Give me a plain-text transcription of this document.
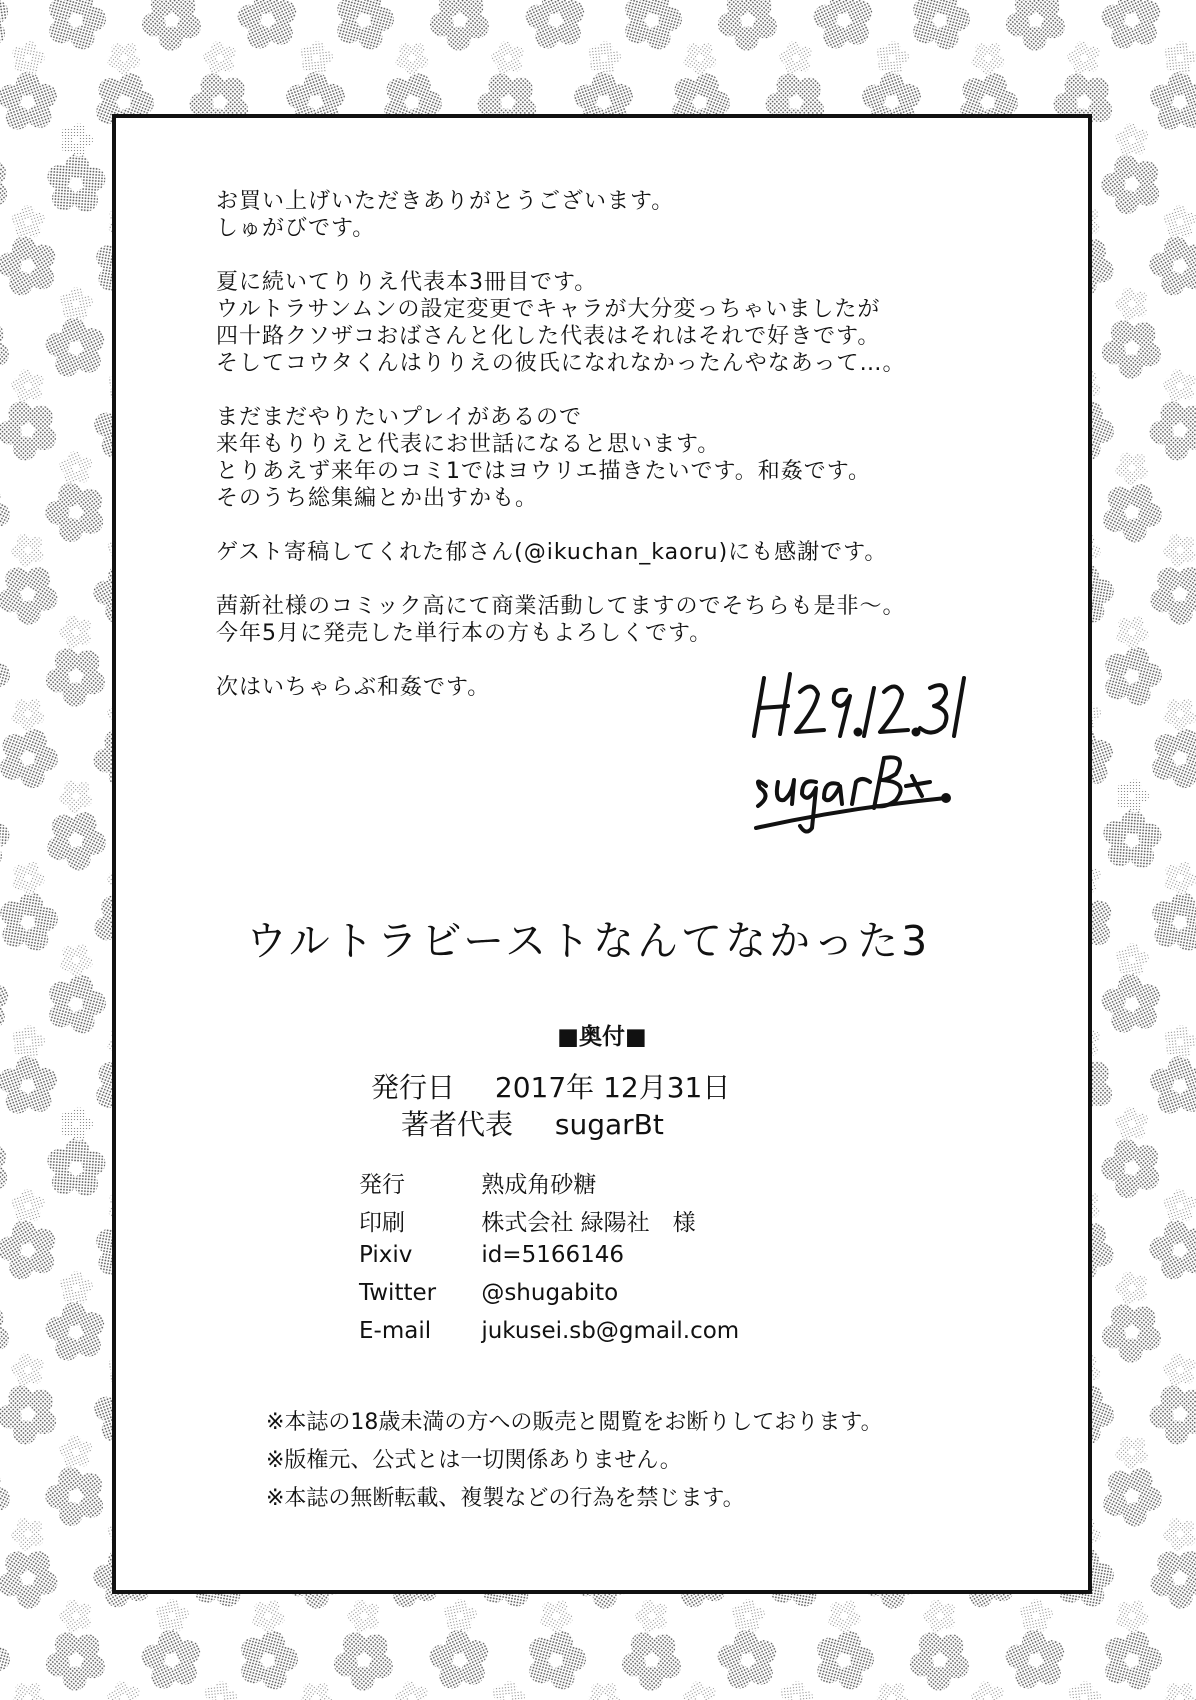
お買い上げいただきありがとうございます。
しゅがびです。
夏に続いてりりえ代表本3冊目です。
ウルトラサンムンの設定変更でキャラが大分変っちゃいましたが
四十路クソザコおばさんと化した代表はそれはそれで好きです。
そしてコウタくんはりりえの彼氏になれなかったんやなあって…。
まだまだやりたいプレイがあるので
来年もりりえと代表にお世話になると思います。
とりあえず来年のコミ1ではヨウリエ描きたいです。和姦です。
そのうち総集編とか出すかも。
ゲスト寄稿してくれた郁さん(@ikuchan_kaoru)にも感謝です。
茜新社様のコミック高にて商業活動してますのでそちらも是非～。
今年5月に発売した単行本の方もよろしくです。
次はいちゃらぶ和姦です。
ウルトラビーストなんてなかった3
■奥付■
発行日 2017年 12月31日
著者代表 sugarBt
発行	熟成角砂糖
印刷	株式会社 緑陽社　様
Pixiv	id=5166146
Twitter @shugabito
E-mail jukusei.sb@gmail.com
※本誌の18歳未満の方への販売と閲覧をお断りしております。
※版権元、公式とは一切関係ありません。
※本誌の無断転載、複製などの行為を禁じます。
